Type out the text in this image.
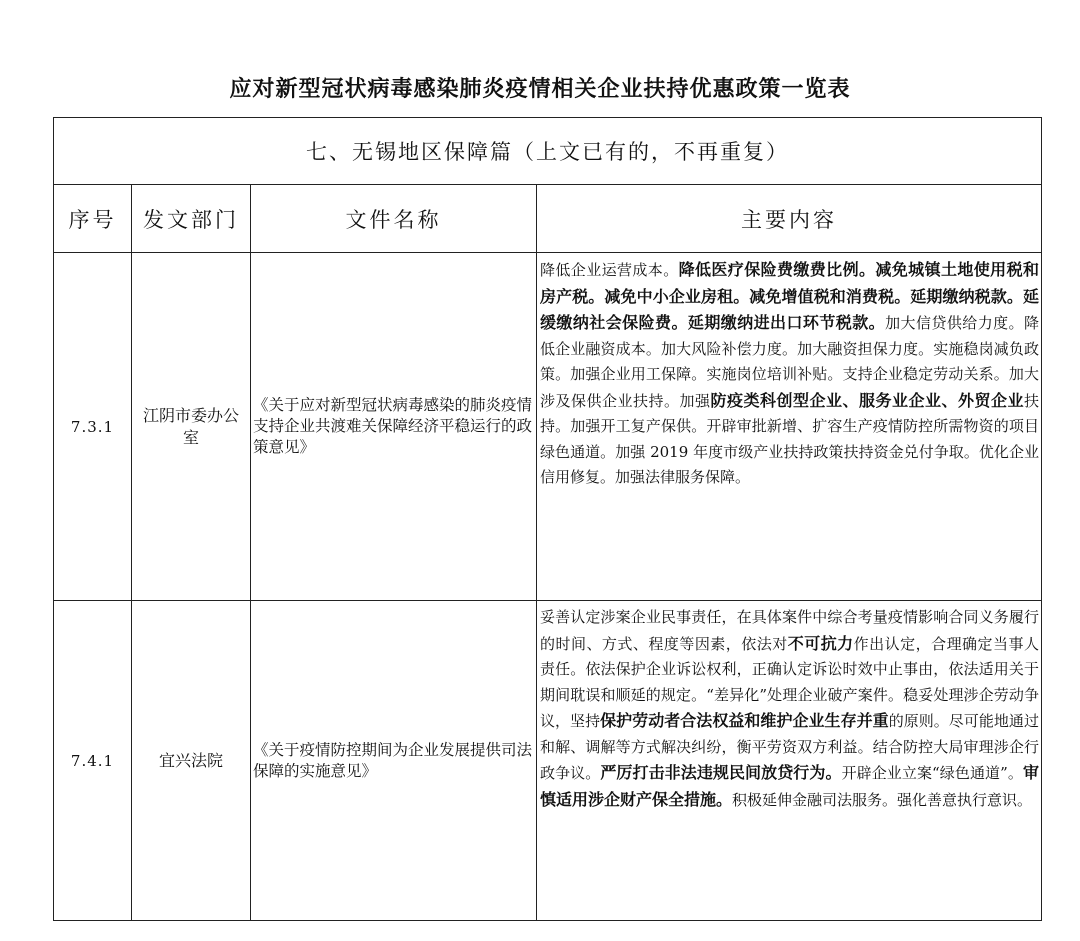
应对新型冠状病毒感染肺炎疫情相关企业扶持优惠政策一览表
七、无锡地区保障篇（上文已有的，不再重复）			
序号	发文部门	文件名称	主要内容
7.3.1	江阴市委办公室	《关于应对新型冠状病毒感染的肺炎疫情支持企业共渡难关保障经济平稳运行的政策意见》	降低企业运营成本。降低医疗保险费缴费比例。减免城镇土地使用税和房产税。减免中小企业房租。减免增值税和消费税。延期缴纳税款。延缓缴纳社会保险费。延期缴纳进出口环节税款。加大信贷供给力度。降低企业融资成本。加大风险补偿力度。加大融资担保力度。实施稳岗减负政策。加强企业用工保障。实施岗位培训补贴。支持企业稳定劳动关系。加大涉及保供企业扶持。加强防疫类科创型企业、服务业企业、外贸企业扶持。加强开工复产保供。开辟审批新增、扩容生产疫情防控所需物资的项目绿色通道。加强 2019 年度市级产业扶持政策扶持资金兑付争取。优化企业信用修复。加强法律服务保障。
7.4.1	宜兴法院	《关于疫情防控期间为企业发展提供司法保障的实施意见》	妥善认定涉案企业民事责任，在具体案件中综合考量疫情影响合同义务履行的时间、方式、程度等因素，依法对不可抗力作出认定，合理确定当事人责任。依法保护企业诉讼权利，正确认定诉讼时效中止事由，依法适用关于期间耽误和顺延的规定。“差异化”处理企业破产案件。稳妥处理涉企劳动争议，坚持保护劳动者合法权益和维护企业生存并重的原则。尽可能地通过和解、调解等方式解决纠纷，衡平劳资双方利益。结合防控大局审理涉企行政争议。严厉打击非法违规民间放贷行为。开辟企业立案“绿色通道”。审慎适用涉企财产保全措施。积极延伸金融司法服务。强化善意执行意识。
